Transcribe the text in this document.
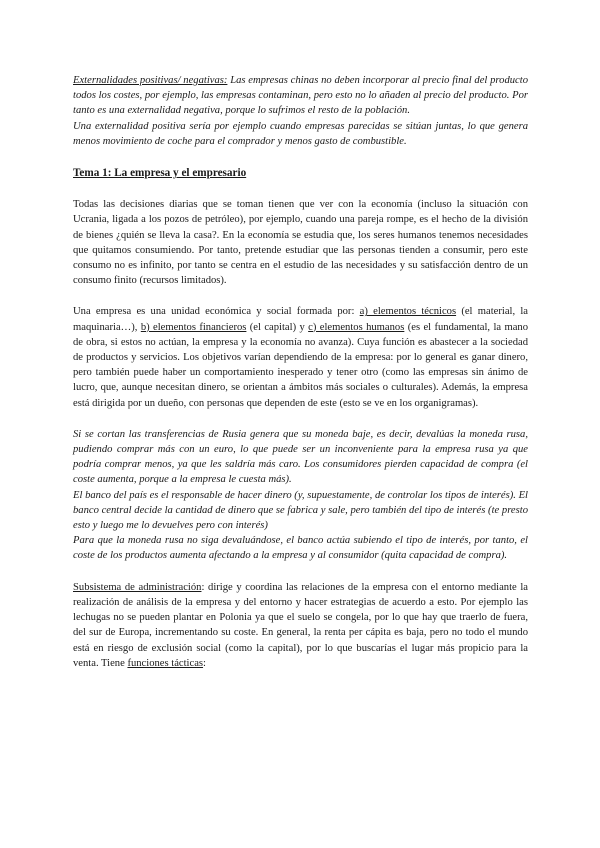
Externalidades positivas/ negativas: Las empresas chinas no deben incorporar al precio final del producto todos los costes, por ejemplo, las empresas contaminan, pero esto no lo añaden al precio del producto. Por tanto es una externalidad negativa, porque lo sufrimos el resto de la población.

Una externalidad positiva sería por ejemplo cuando empresas parecidas se sitúan juntas, lo que genera menos movimiento de coche para el comprador y menos gasto de combustible.

Tema 1: La empresa y el empresario

Todas las decisiones diarias que se toman tienen que ver con la economía (incluso la situación con Ucrania, ligada a los pozos de petróleo), por ejemplo, cuando una pareja rompe, es el hecho de la división de bienes ¿quién se lleva la casa?. En la economía se estudia que, los seres humanos tenemos necesidades que quitamos consumiendo. Por tanto, pretende estudiar que las personas tienden a consumir, pero este consumo no es infinito, por tanto se centra en el estudio de las necesidades y su satisfacción dentro de un consumo finito (recursos limitados).

Una empresa es una unidad económica y social formada por: a) elementos técnicos (el material, la maquinaria…), b) elementos financieros (el capital) y c) elementos humanos (es el fundamental, la mano de obra, si estos no actúan, la empresa y la economía no avanza). Cuya función es abastecer a la sociedad de productos y servicios. Los objetivos varían dependiendo de la empresa: por lo general es ganar dinero, pero también puede haber un comportamiento inesperado y tener otro (como las empresas sin ánimo de lucro, que, aunque necesitan dinero, se orientan a ámbitos más sociales o culturales). Además, la empresa está dirigida por un dueño, con personas que dependen de este (esto se ve en los organigramas).

Si se cortan las transferencias de Rusia genera que su moneda baje, es decir, devalúas la moneda rusa, pudiendo comprar más con un euro, lo que puede ser un inconveniente para la empresa rusa ya que podría comprar menos, ya que les saldría más caro. Los consumidores pierden capacidad de compra (el coste aumenta, porque a la empresa le cuesta más).

El banco del país es el responsable de hacer dinero (y, supuestamente, de controlar los tipos de interés). El banco central decide la cantidad de dinero que se fabrica y sale, pero también del tipo de interés (te presto esto y luego me lo devuelves pero con interés)

Para que la moneda rusa no siga devaluándose, el banco actúa subiendo el tipo de interés, por tanto, el coste de los productos aumenta afectando a la empresa y al consumidor (quita capacidad de compra).

Subsistema de administración: dirige y coordina las relaciones de la empresa con el entorno mediante la realización de análisis de la empresa y del entorno y hacer estrategias de acuerdo a esto. Por ejemplo las lechugas no se pueden plantar en Polonia ya que el suelo se congela, por lo que hay que traerlo de fuera, del sur de Europa, incrementando su coste. En general, la renta per cápita es baja, pero no todo el mundo está en riesgo de exclusión social (como la capital), por lo que buscarías el lugar más propicio para la venta. Tiene funciones tácticas:
